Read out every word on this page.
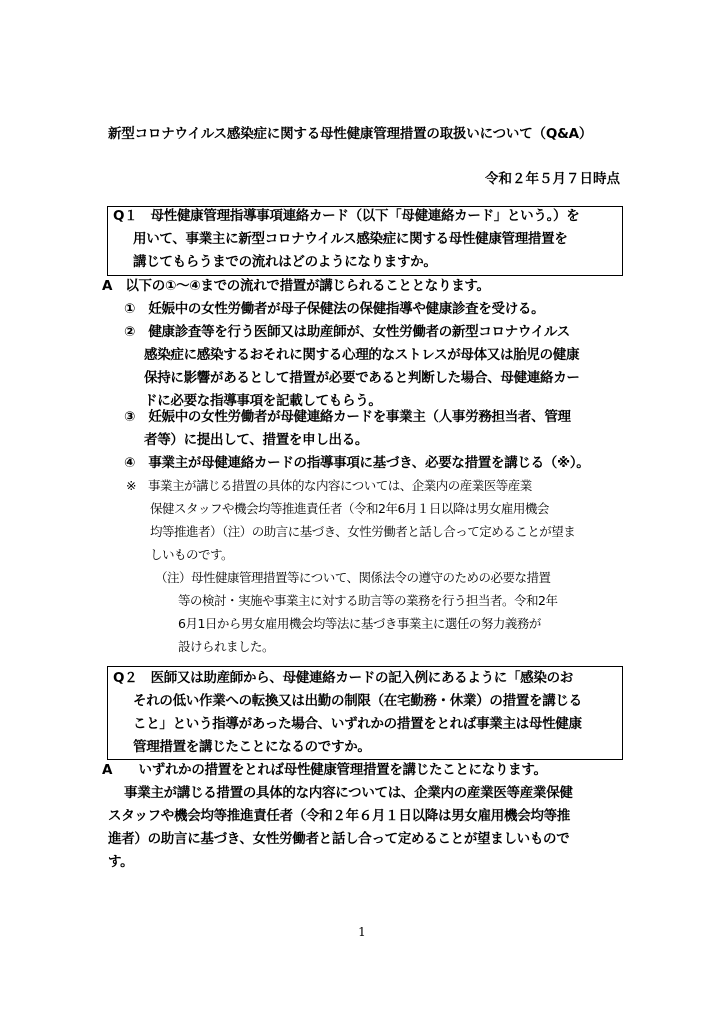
新型コロナウイルス感染症に関する母性健康管理措置の取扱いについて（Q&A）
令和２年５月７日時点
Q１　母性健康管理指導事項連絡カード（以下「母健連絡カード」という。）を
用いて、事業主に新型コロナウイルス感染症に関する母性健康管理措置を
講じてもらうまでの流れはどのようになりますか。
A　以下の①～④までの流れで措置が講じられることとなります。
①　妊娠中の女性労働者が母子保健法の保健指導や健康診査を受ける。
②　健康診査等を行う医師又は助産師が、女性労働者の新型コロナウイルス
感染症に感染するおそれに関する心理的なストレスが母体又は胎児の健康
保持に影響があるとして措置が必要であると判断した場合、母健連絡カー
ドに必要な指導事項を記載してもらう。
③　妊娠中の女性労働者が母健連絡カードを事業主（人事労務担当者、管理
者等）に提出して、措置を申し出る。
④　事業主が母健連絡カードの指導事項に基づき、必要な措置を講じる（※）。
※　事業主が講じる措置の具体的な内容については、企業内の産業医等産業
保健スタッフや機会均等推進責任者（令和2年6月１日以降は男女雇用機会
均等推進者）（注）の助言に基づき、女性労働者と話し合って定めることが望ま
しいものです。
（注）母性健康管理措置等について、関係法令の遵守のための必要な措置
等の検討・実施や事業主に対する助言等の業務を行う担当者。令和2年
6月1日から男女雇用機会均等法に基づき事業主に選任の努力義務が
設けられました。
Q２　医師又は助産師から、母健連絡カードの記入例にあるように「感染のお
それの低い作業への転換又は出勤の制限（在宅勤務・休業）の措置を講じる
こと」という指導があった場合、いずれかの措置をとれば事業主は母性健康
管理措置を講じたことになるのですか。
A　　いずれかの措置をとれば母性健康管理措置を講じたことになります。
事業主が講じる措置の具体的な内容については、企業内の産業医等産業保健
スタッフや機会均等推進責任者（令和２年６月１日以降は男女雇用機会均等推
進者）の助言に基づき、女性労働者と話し合って定めることが望ましいもので
す。
1
